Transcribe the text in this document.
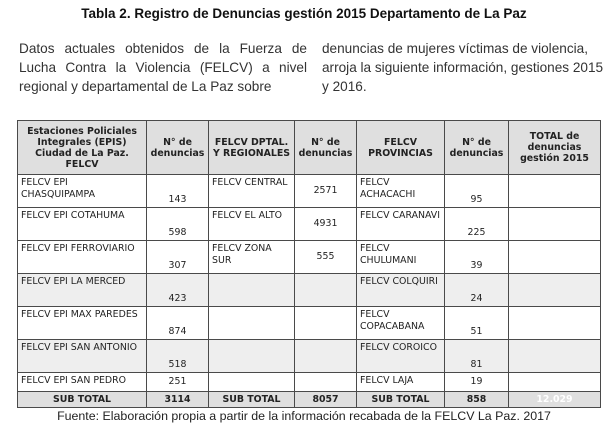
Tabla 2. Registro de Denuncias gestión 2015 Departamento de La Paz
Datos actuales obtenidos de la Fuerza de Lucha Contra la Violencia (FELCV) a nivel regional y departamental de La Paz sobre
denuncias de mujeres víctimas de violencia, arroja la siguiente información, gestiones 2015 y 2016.
Estaciones Policiales Integrales (EPIS) Ciudad de La Paz. FELCV	N° de denuncias	FELCV DPTAL. Y REGIONALES	N° de denuncias	FELCV PROVINCIAS	N° de denuncias	TOTAL de denuncias gestión 2015
FELCV EPI CHASQUIPAMPA	143	FELCV CENTRAL	2571	FELCV ACHACACHI	95	
FELCV EPI COTAHUMA	598	FELCV EL ALTO	4931	FELCV CARANAVI	225	
FELCV EPI FERROVIARIO	307	FELCV ZONA SUR	555	FELCV CHULUMANI	39	
FELCV EPI LA MERCED	423			FELCV COLQUIRI	24	
FELCV EPI MAX PAREDES	874			FELCV COPACABANA	51	
FELCV EPI SAN ANTONIO	518			FELCV COROICO	81	
FELCV EPI SAN PEDRO	251			FELCV LAJA	19	
SUB TOTAL	3114	SUB TOTAL	8057	SUB TOTAL	858	12.029
Fuente: Elaboración propia a partir de la información recabada de la FELCV La Paz. 2017
